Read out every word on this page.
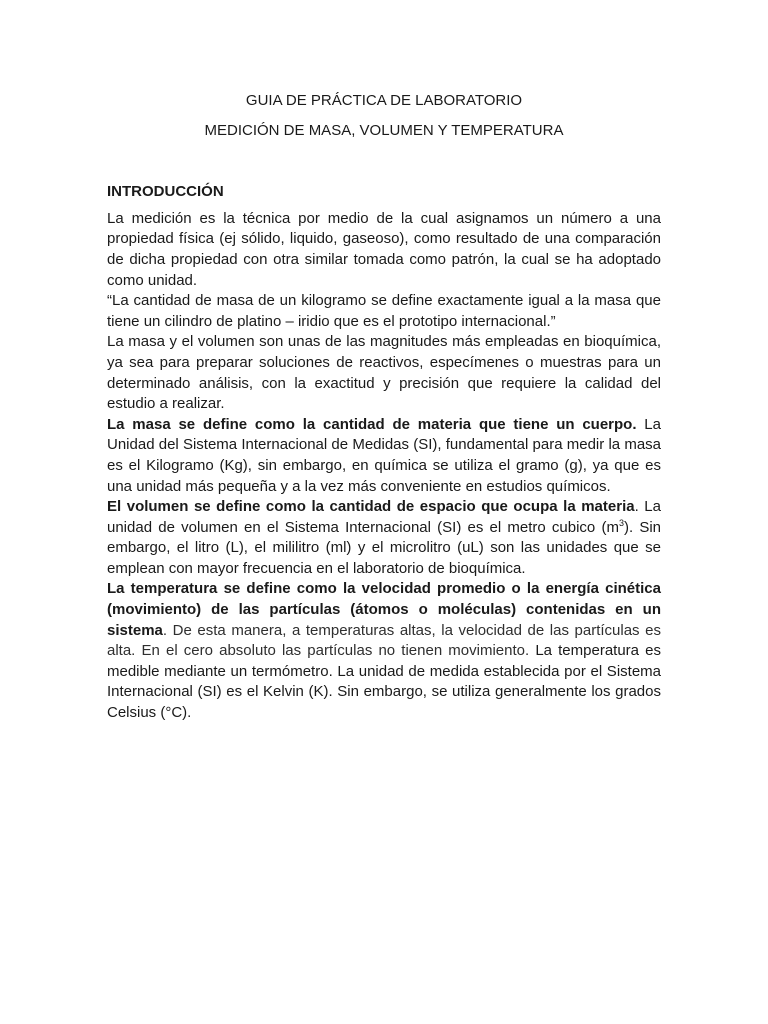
GUIA DE PRÁCTICA DE LABORATORIO

MEDICIÓN DE MASA, VOLUMEN Y TEMPERATURA

INTRODUCCIÓN

La medición es la técnica por medio de la cual asignamos un número a una propiedad física (ej sólido, liquido, gaseoso), como resultado de una comparación de dicha propiedad con otra similar tomada como patrón, la cual se ha adoptado como unidad.

“La cantidad de masa de un kilogramo se define exactamente igual a la masa que tiene un cilindro de platino – iridio que es el prototipo internacional.”

La masa y el volumen son unas de las magnitudes más empleadas en bioquímica, ya sea para preparar soluciones de reactivos, especímenes o muestras para un determinado análisis, con la exactitud y precisión que requiere la calidad del estudio a realizar.

La masa se define como la cantidad de materia que tiene un cuerpo. La Unidad del Sistema Internacional de Medidas (SI), fundamental para medir la masa es el Kilogramo (Kg), sin embargo, en química se utiliza el gramo (g), ya que es una unidad más pequeña y a la vez más conveniente en estudios químicos.

El volumen se define como la cantidad de espacio que ocupa la materia. La unidad de volumen en el Sistema Internacional (SI) es el metro cubico $(m^3)$. Sin embargo, el litro (L), el mililitro (ml) y el microlitro (uL) son las unidades que se emplean con mayor frecuencia en el laboratorio de bioquímica.

La temperatura se define como la velocidad promedio o la energía cinética (movimiento) de las partículas (átomos o moléculas) contenidas en un sistema. De esta manera, a temperaturas altas, la velocidad de las partículas es alta. En el cero absoluto las partículas no tienen movimiento. La temperatura es medible mediante un termómetro. La unidad de medida establecida por el Sistema Internacional (SI) es el Kelvin (K). Sin embargo, se utiliza generalmente los grados Celsius (°C).
